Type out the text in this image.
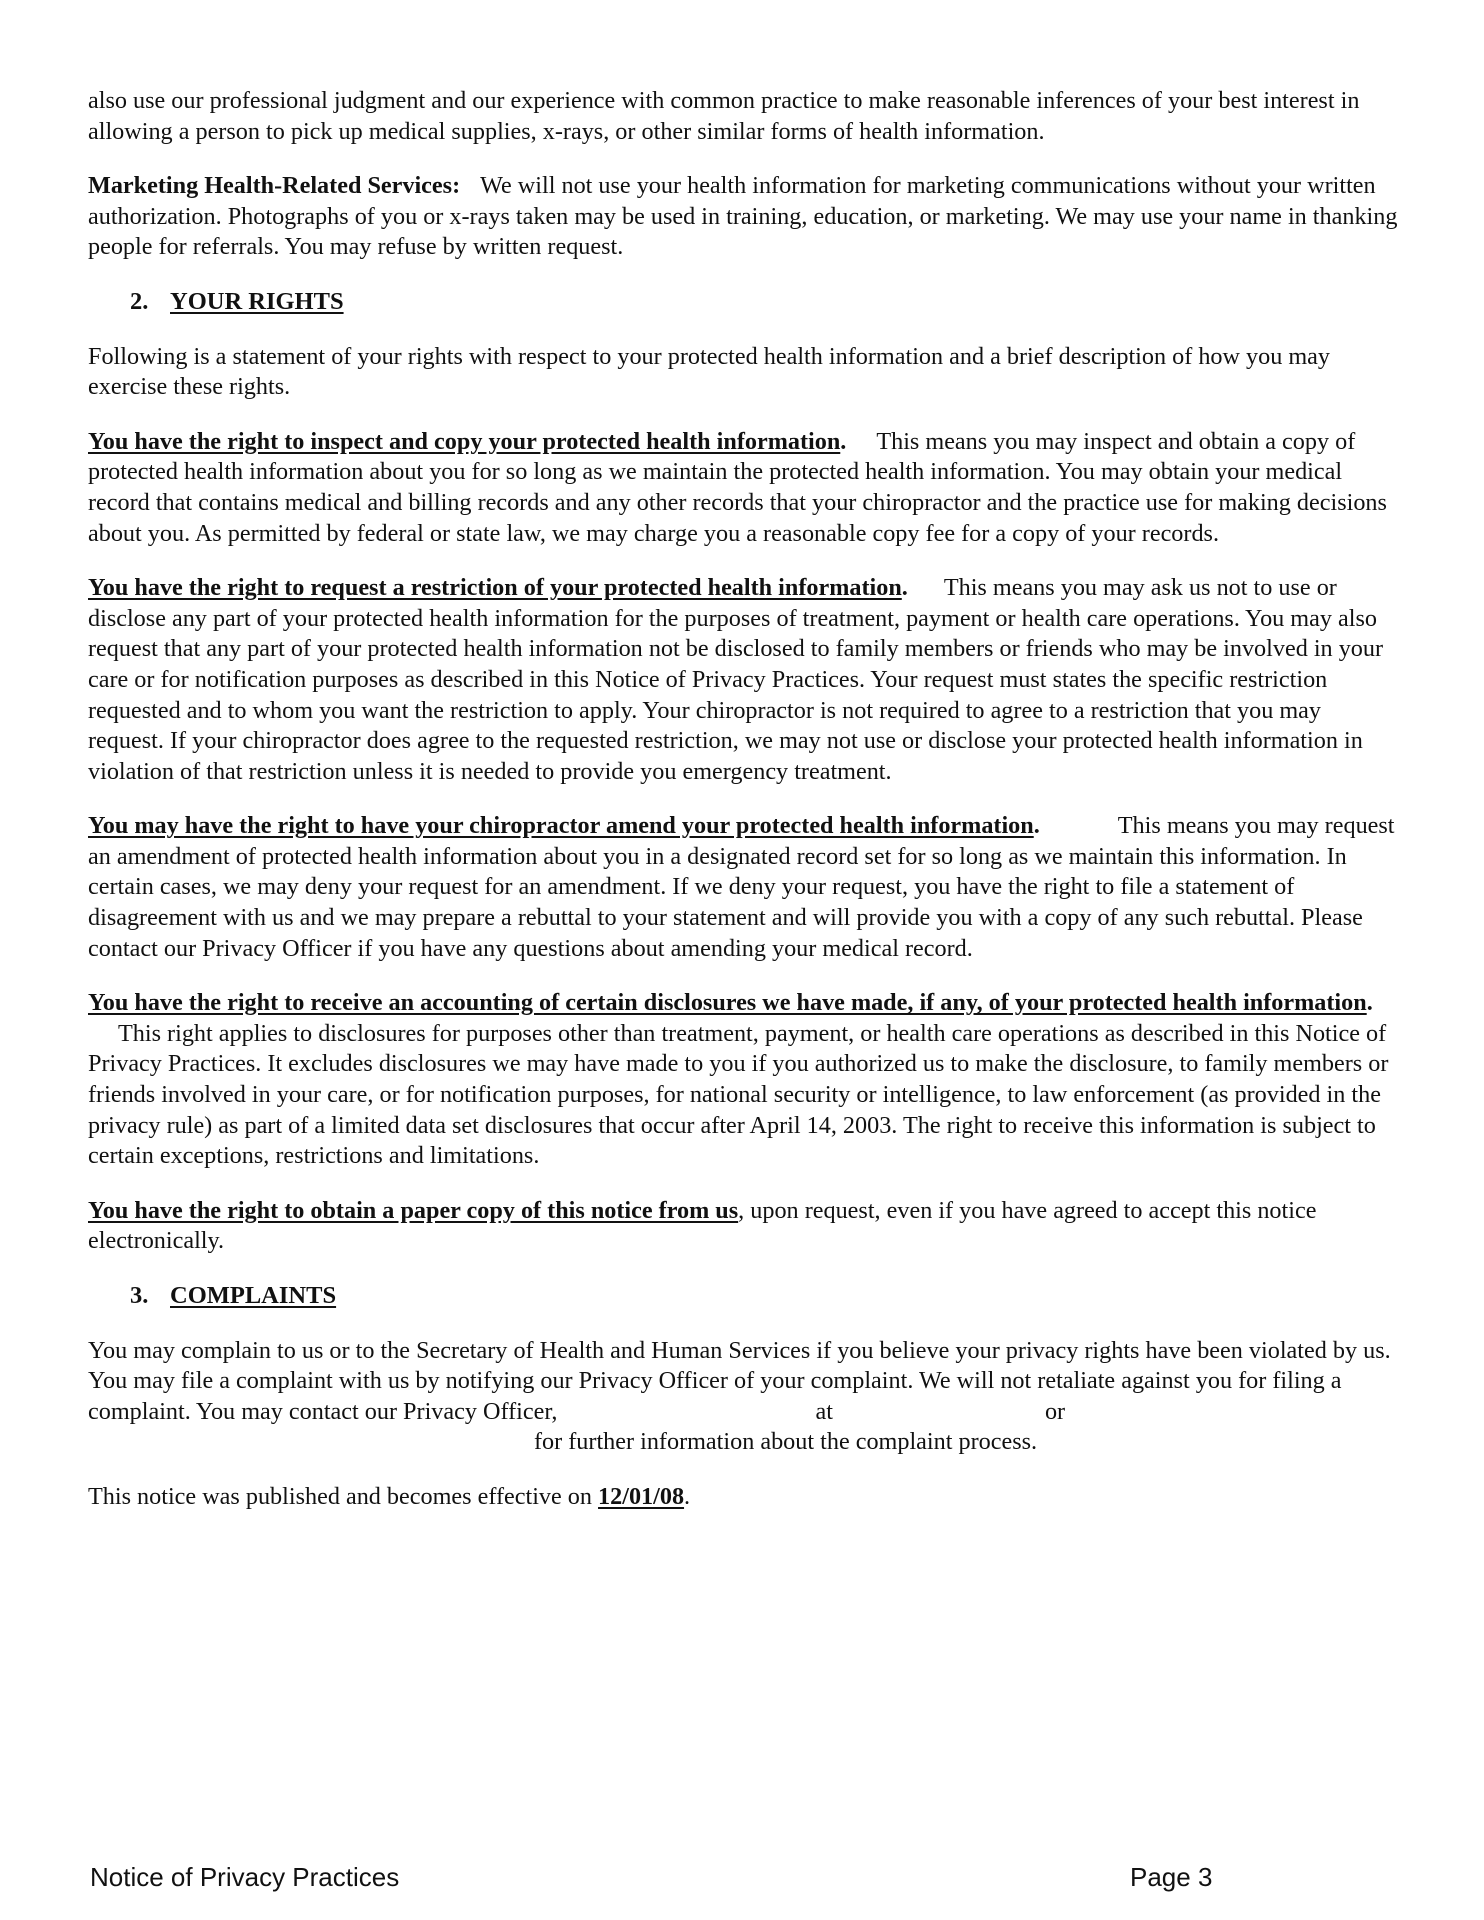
also use our professional judgment and our experience with common practice to make reasonable inferences of your best interest in allowing a person to pick up medical supplies, x-rays, or other similar forms of health information.

Marketing Health-Related Services: We will not use your health information for marketing communications without your written authorization. Photographs of you or x-rays taken may be used in training, education, or marketing. We may use your name in thanking people for referrals. You may refuse by written request.

2. YOUR RIGHTS

Following is a statement of your rights with respect to your protected health information and a brief description of how you may exercise these rights.

You have the right to inspect and copy your protected health information. This means you may inspect and obtain a copy of protected health information about you for so long as we maintain the protected health information. You may obtain your medical record that contains medical and billing records and any other records that your chiropractor and the practice use for making decisions about you. As permitted by federal or state law, we may charge you a reasonable copy fee for a copy of your records.

You have the right to request a restriction of your protected health information. This means you may ask us not to use or disclose any part of your protected health information for the purposes of treatment, payment or health care operations. You may also request that any part of your protected health information not be disclosed to family members or friends who may be involved in your care or for notification purposes as described in this Notice of Privacy Practices. Your request must states the specific restriction requested and to whom you want the restriction to apply. Your chiropractor is not required to agree to a restriction that you may request. If your chiropractor does agree to the requested restriction, we may not use or disclose your protected health information in violation of that restriction unless it is needed to provide you emergency treatment.

You may have the right to have your chiropractor amend your protected health information.	This means you may request an amendment of protected health information about you in a designated record set for so long as we maintain this information. In certain cases, we may deny your request for an amendment. If we deny your request, you have the right to file a statement of disagreement with us and we may prepare a rebuttal to your statement and will provide you with a copy of any such rebuttal. Please contact our Privacy Officer if you have any questions about amending your medical record.

You have the right to receive an accounting of certain disclosures we have made, if any, of your protected health information.This right applies to disclosures for purposes other than treatment, payment, or health care operations as described in this Notice of Privacy Practices. It excludes disclosures we may have made to you if you authorized us to make the disclosure, to family members or friends involved in your care, or for notification purposes, for national security or intelligence, to law enforcement (as provided in the privacy rule) as part of a limited data set disclosures that occur after April 14, 2003. The right to receive this information is subject to certain exceptions, restrictions and limitations.

You have the right to obtain a paper copy of this notice from us, upon request, even if you have agreed to accept this notice electronically.

3. COMPLAINTS

You may complain to us or to the Secretary of Health and Human Services if you believe your privacy rights have been violated by us. You may file a complaint with us by notifying our Privacy Officer of your complaint. We will not retaliate against you for filing a complaint. You may contact our Privacy Officer,	at	or
for further information about the complaint process.

This notice was published and becomes effective on 12/01/08.

Notice of Privacy Practices	Page 3
